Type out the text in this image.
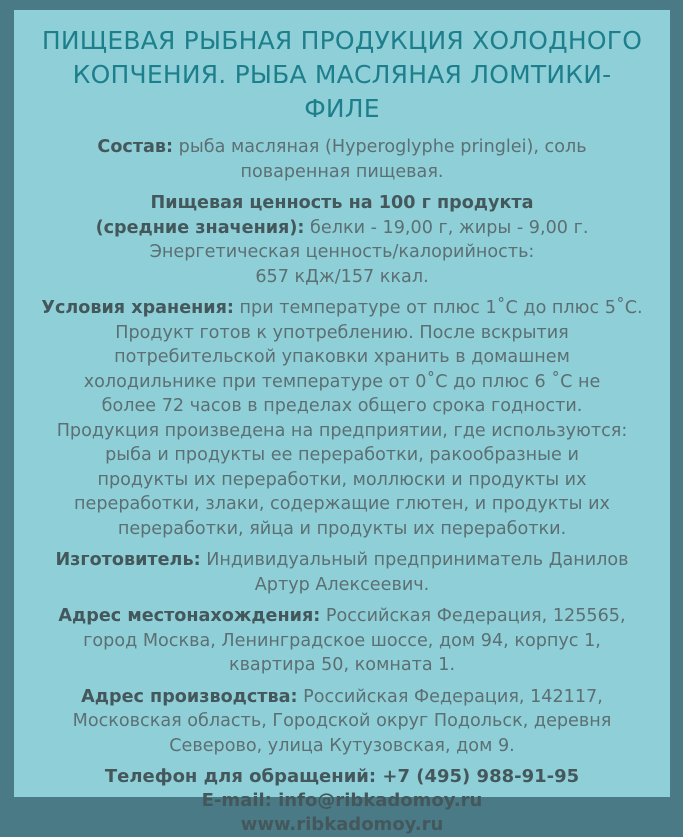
ПИЩЕВАЯ РЫБНАЯ ПРОДУКЦИЯ ХОЛОДНОГО
КОПЧЕНИЯ. РЫБА МАСЛЯНАЯ ЛОМТИКИ-ФИЛЕ
Состав: рыба масляная (Hyperoglyphe pringlei), соль
поваренная пищевая.
Пищевая ценность на 100 г продукта
(средние значения): белки - 19,00 г, жиры - 9,00 г.
Энергетическая ценность/калорийность:
657 кДж/157 ккал.
Условия хранения: при температуре от плюс 1˚С до плюс 5˚С.
Продукт готов к употреблению. После вскрытия
потребительской упаковки хранить в домашнем
холодильнике при температуре от 0˚С до плюс 6 ˚С не
более 72 часов в пределах общего срока годности.
Продукция произведена на предприятии, где используются:
рыба и продукты ее переработки, ракообразные и
продукты их переработки, моллюски и продукты их
переработки, злаки, содержащие глютен, и продукты их
переработки, яйца и продукты их переработки.
Изготовитель: Индивидуальный предприниматель Данилов
Артур Алексеевич.
Адрес местонахождения: Российская Федерация, 125565,
город Москва, Ленинградское шоссе, дом 94, корпус 1,
квартира 50, комната 1.
Адрес производства: Российская Федерация, 142117,
Московская область, Городской округ Подольск, деревня
Северово, улица Кутузовская, дом 9.
Телефон для обращений: +7 (495) 988-91-95
E-mail: info@ribkadomoy.ru
www.ribkadomoy.ru
